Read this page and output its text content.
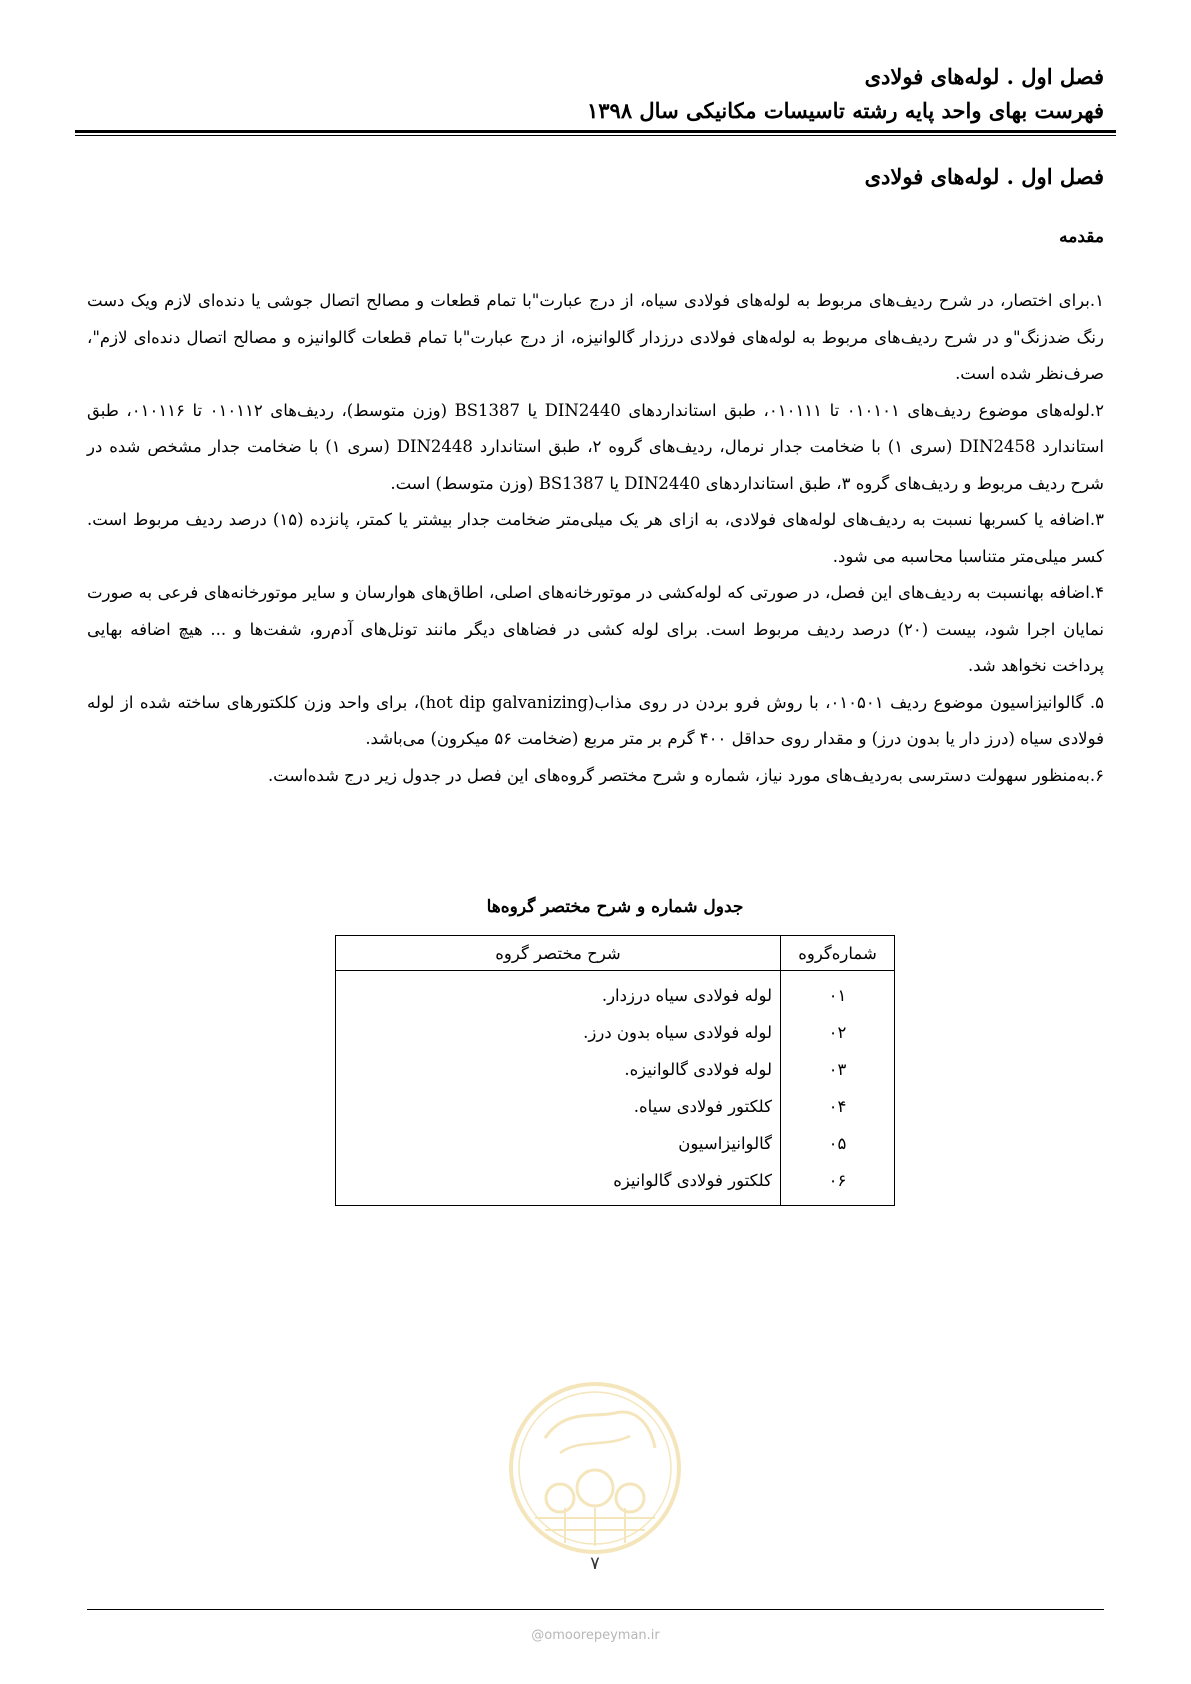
فصل اول . لوله‌های فولادی
فهرست بهای واحد پایه رشته تاسیسات مکانیکی سال ۱۳۹۸
فصل اول . لوله‌های فولادی
مقدمه

۱.برای اختصار، در شرح ردیف‌های مربوط به لوله‌های فولادی سیاه، از درج عبارت"با تمام قطعات و مصالح اتصال جوشی یا دنده‌ای لازم ویک دست رنگ ضدزنگ"و در شرح ردیف‌های مربوط به لوله‌های فولادی درزدار گالوانیزه، از درج عبارت"با تمام قطعات گالوانیزه و مصالح اتصال دنده‌ای لازم"، صرف‌نظر شده است.

۲.لوله‌های موضوع ردیف‌های ۰۱۰۱۰۱ تا ۰۱۰۱۱۱، طبق استانداردهای DIN2440 یا BS1387 (وزن متوسط)، ردیف‌های ۰۱۰۱۱۲ تا ۰۱۰۱۱۶، طبق استاندارد DIN2458 (سری ۱) با ضخامت جدار نرمال، ردیف‌های گروه ۲، طبق استاندارد DIN2448 (سری ۱) با ضخامت جدار مشخص شده در شرح ردیف مربوط و ردیف‌های گروه ۳، طبق استانداردهای DIN2440 یا BS1387 (وزن متوسط) است.

۳.اضافه یا کسربها نسبت به ردیف‌های لوله‌های فولادی، به ازای هر یک میلی‌متر ضخامت جدار بیشتر یا کمتر، پانزده (۱۵) درصد ردیف مربوط است. کسر میلی‌متر متناسبا محاسبه می شود.

۴.اضافه بهانسبت به ردیف‌های این فصل، در صورتی که لوله‌کشی در موتورخانه‌های اصلی، اطاق‌های هوارسان و سایر موتورخانه‌های فرعی به صورت نمایان اجرا شود، بیست (۲۰) درصد ردیف مربوط است. برای لوله کشی در فضاهای دیگر مانند تونل‌های آدم‌رو، شفت‌ها و ... هیچ اضافه بهایی پرداخت نخواهد شد.

۵. گالوانیزاسیون موضوع ردیف ۰۱۰۵۰۱، با روش فرو بردن در روی مذاب(hot dip galvanizing)، برای واحد وزن کلکتورهای ساخته شده از لوله فولادی سیاه (درز دار یا بدون درز) و مقدار روی حداقل ۴۰۰ گرم بر متر مربع (ضخامت ۵۶ میکرون) می‌باشد.

۶.به‌منظور سهولت دسترسی به‌ردیف‌های مورد نیاز، شماره و شرح مختصر گروه‌های این فصل در جدول زیر درج شده‌است.

جدول شماره و شرح مختصر گروه‌ها
شماره‌گروه	شرح مختصر گروه
۰۱	لوله فولادی سیاه درزدار.
۰۲	لوله فولادی سیاه بدون درز.
۰۳	لوله فولادی گالوانیزه.
۰۴	کلکتور فولادی سیاه.
۰۵	گالوانیزاسیون
۰۶	کلکتور فولادی گالوانیزه
۷
@omoorepeyman.ir
